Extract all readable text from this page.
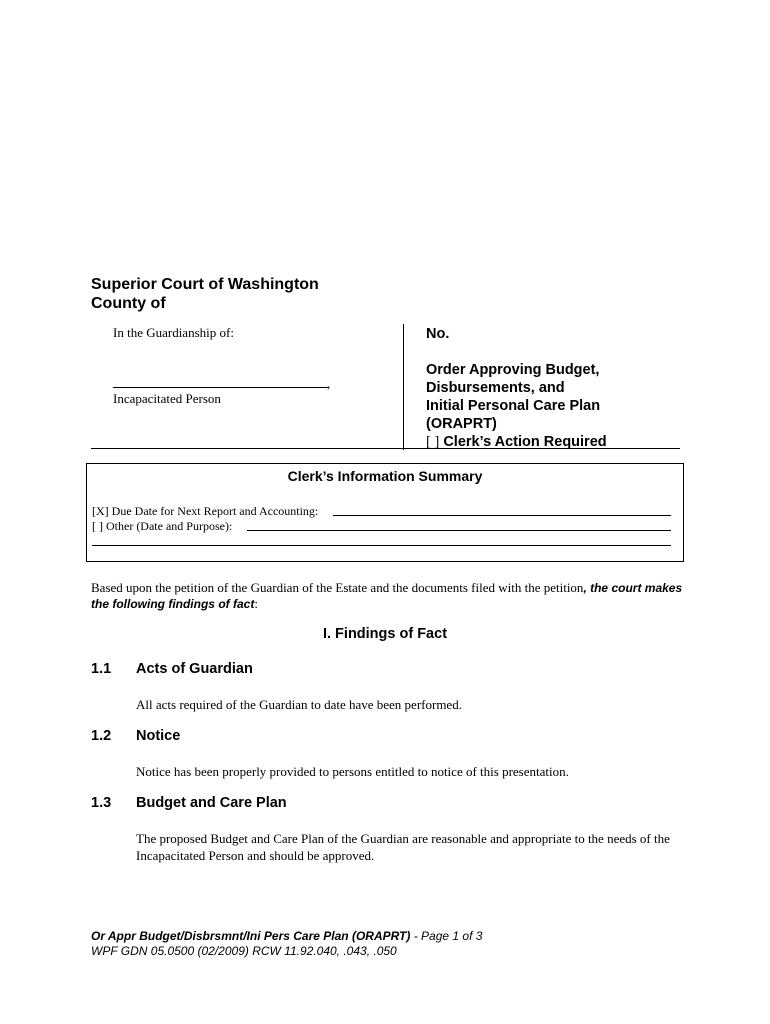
Superior Court of Washington
County of
In the Guardianship of:
,
Incapacitated Person
No.
Order Approving Budget,
Disbursements, and
Initial Personal Care Plan
(ORAPRT)
[ ] Clerk’s Action Required
Clerk’s Information Summary
[X] Due Date for Next Report and Accounting:
[ ] Other (Date and Purpose):
Based upon the petition of the Guardian of the Estate and the documents filed with the petition, the court makes the following findings of fact:
I. Findings of Fact
1.1 Acts of Guardian
All acts required of the Guardian to date have been performed.
1.2 Notice
Notice has been properly provided to persons entitled to notice of this presentation.
1.3 Budget and Care Plan
The proposed Budget and Care Plan of the Guardian are reasonable and appropriate to the needs of the Incapacitated Person and should be approved.
Or Appr Budget/Disbrsmnt/Ini Pers Care Plan (ORAPRT) - Page 1 of 3
WPF GDN 05.0500 (02/2009) RCW 11.92.040, .043, .050
